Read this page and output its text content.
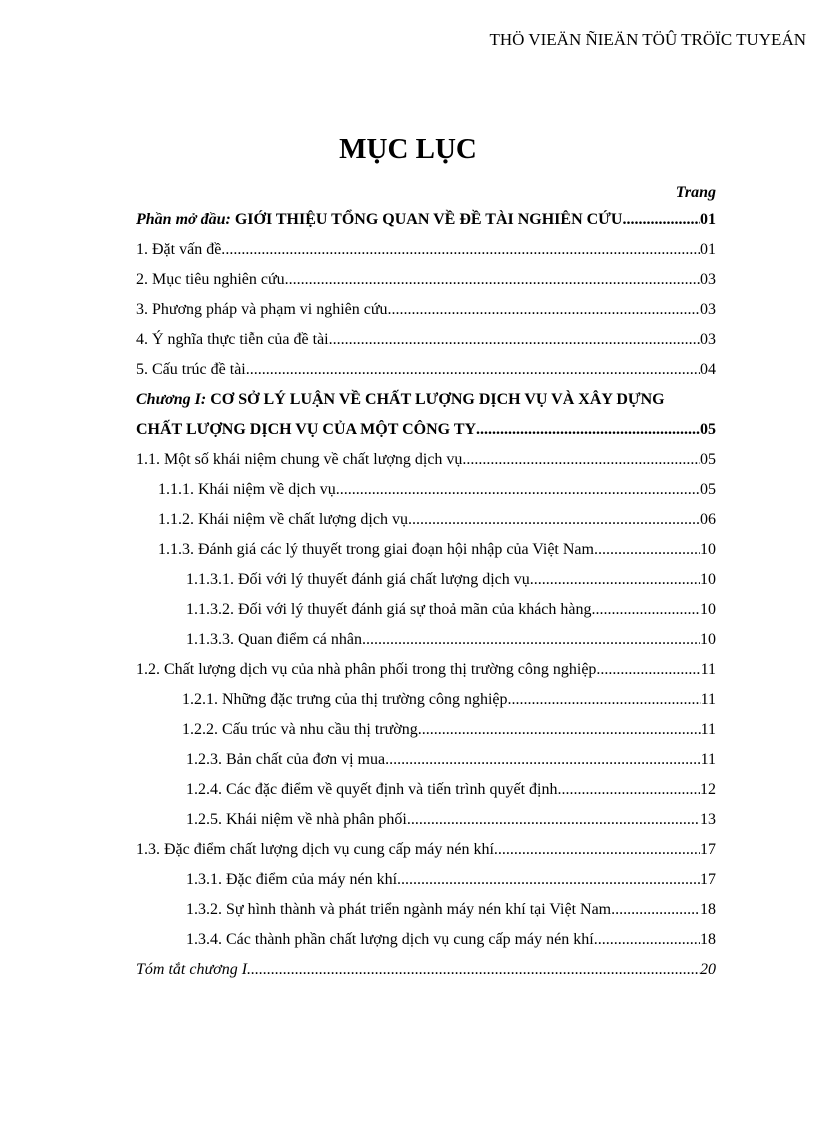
THÖ VIEÄN ÑIEÄN TÖÛ TRÖÏC TUYEÁN
MỤC LỤC
Trang
Phần mở đầu: GIỚI THIỆU TỔNG QUAN VỀ ĐỀ TÀI NGHIÊN CỨU .....	01
1. Đặt vấn đề. .....	01
2. Mục tiêu nghiên cứu .....	03
3. Phương pháp và phạm vi nghiên cứu. .....	03
4. Ý nghĩa thực tiễn của đề tài. .....	03
5. Cấu trúc đề tài. .....	04
Chương I: CƠ SỞ LÝ LUẬN VỀ CHẤT LƯỢNG DỊCH VỤ VÀ XÂY DỰNG
CHẤT LƯỢNG DỊCH VỤ CỦA MỘT CÔNG TY .....	05
1.1. Một số khái niệm chung về chất lượng dịch vụ. .....	05
1.1.1. Khái niệm về dịch vụ. .....	05
1.1.2. Khái niệm về chất lượng dịch vụ .....	06
1.1.3. Đánh giá các lý thuyết trong giai đoạn hội nhập của Việt Nam .....	10
1.1.3.1. Đối với lý thuyết đánh giá chất lượng dịch vụ .....	10
1.1.3.2. Đối với lý thuyết đánh giá sự thoả mãn của khách hàng. .....	10
1.1.3.3. Quan điểm cá nhân. .....	10
1.2. Chất lượng dịch vụ của nhà phân phối trong thị trường công nghiệp. .....	11
1.2.1. Những đặc trưng của thị trường công nghiệp. .....	11
1.2.2. Cấu trúc và nhu cầu thị trường. .....	11
1.2.3. Bản chất của đơn vị mua. .....	11
1.2.4. Các đặc điểm về quyết định và tiến trình quyết định .....	12
1.2.5. Khái niệm về nhà phân phối. .....	13
1.3. Đặc điểm chất lượng dịch vụ cung cấp máy nén khí. .....	17
1.3.1. Đặc điểm của máy nén khí. .....	17
1.3.2. Sự hình thành và phát triển ngành máy nén khí tại Việt Nam. .....	18
1.3.4. Các thành phần chất lượng dịch vụ cung cấp máy nén khí .....	18
Tóm tắt chương I. .....	20
